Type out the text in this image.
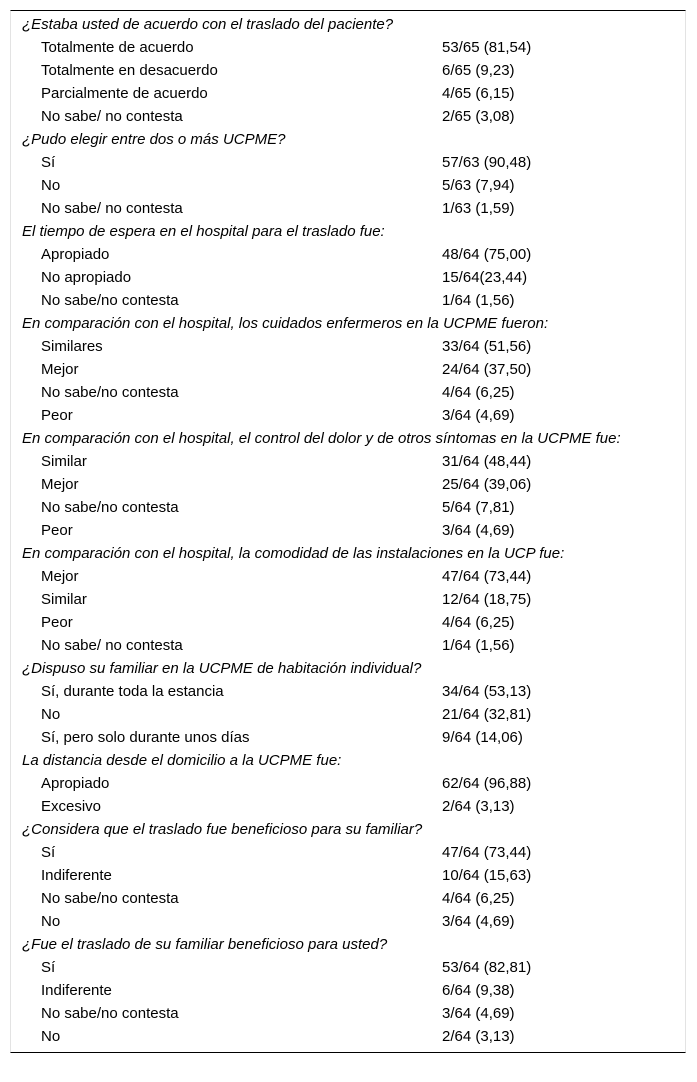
¿Estaba usted de acuerdo con el traslado del paciente?
Totalmente de acuerdo	53/65 (81,54)
Totalmente en desacuerdo	6/65 (9,23)
Parcialmente de acuerdo	4/65 (6,15)
No sabe/ no contesta	2/65 (3,08)
¿Pudo elegir entre dos o más UCPME?
Sí	57/63 (90,48)
No	5/63 (7,94)
No sabe/ no contesta	1/63 (1,59)
El tiempo de espera en el hospital para el traslado fue:
Apropiado	48/64 (75,00)
No apropiado	15/64(23,44)
No sabe/no contesta	1/64 (1,56)
En comparación con el hospital, los cuidados enfermeros en la UCPME fueron:
Similares	33/64 (51,56)
Mejor	24/64 (37,50)
No sabe/no contesta	4/64 (6,25)
Peor	3/64 (4,69)
En comparación con el hospital, el control del dolor y de otros síntomas en la UCPME fue:
Similar	31/64 (48,44)
Mejor	25/64 (39,06)
No sabe/no contesta	5/64 (7,81)
Peor	3/64 (4,69)
En comparación con el hospital, la comodidad de las instalaciones en la UCP fue:
Mejor	47/64 (73,44)
Similar	12/64 (18,75)
Peor	4/64 (6,25)
No sabe/ no contesta	1/64 (1,56)
¿Dispuso su familiar en la UCPME de habitación individual?
Sí, durante toda la estancia	34/64 (53,13)
No	21/64 (32,81)
Sí, pero solo durante unos días	9/64 (14,06)
La distancia desde el domicilio a la UCPME fue:
Apropiado	62/64 (96,88)
Excesivo	2/64 (3,13)
¿Considera que el traslado fue beneficioso para su familiar?
Sí	47/64 (73,44)
Indiferente	10/64 (15,63)
No sabe/no contesta	4/64 (6,25)
No	3/64 (4,69)
¿Fue el traslado de su familiar beneficioso para usted?
Sí	53/64 (82,81)
Indiferente	6/64 (9,38)
No sabe/no contesta	3/64 (4,69)
No	2/64 (3,13)
